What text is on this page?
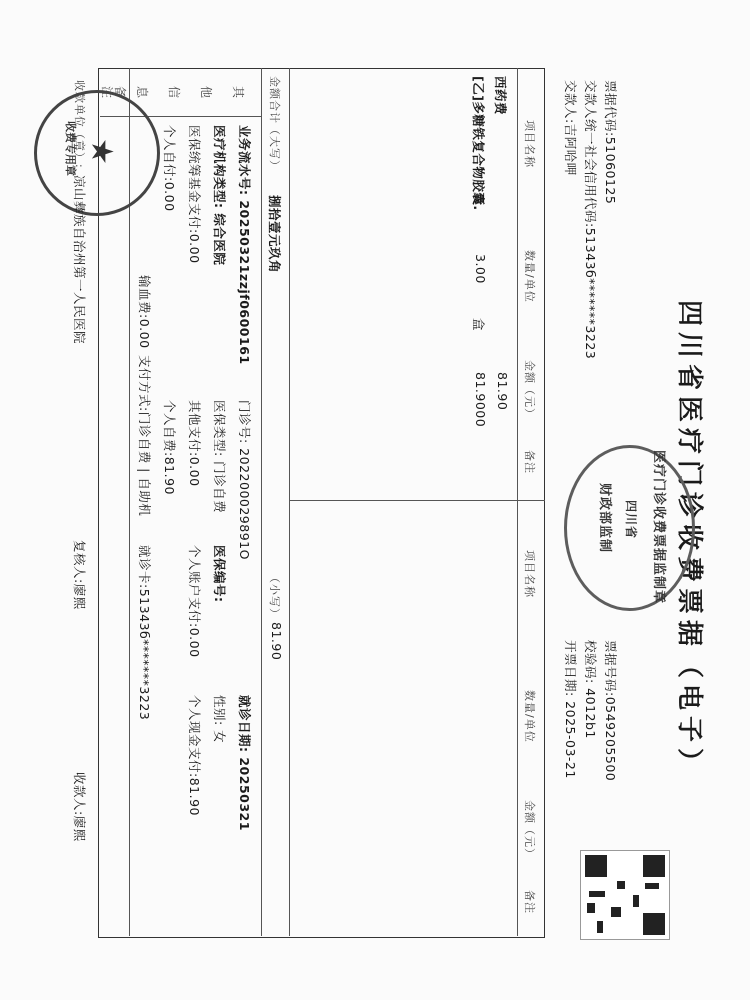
四川省医疗门诊收费票据（电子）
医疗门诊收费票据监制章
四川省
财政部监制
票据代码:51060125
交款人统一社会信用代码:51343б*******3223
交款人:吉阿哈呷
票据号码:0549205500
校验码: 4012b1
开票日期: 2025-03-21
项目名称
数量/单位
金额（元）
备注
项目名称
数量/单位
金额（元）
备注
西药费
81.90
[乙]多糖铁复合物胶囊.
3.00
盒
81.9000
金额合计（大写）
捌拾壹元玖角
（小写）
81.90
其他信息
业务流水号: 20250321zzjf0600161
门诊号: 202200029891O
就诊日期: 20250321
医疗机构类型: 综合医院
医保类型: 门诊自费
医保编号:
性别: 女
医保统筹基金支付:0.00
其他支付:0.00
个人账户支付:0.00
个人现金支付:81.90
个人自付:0.00
个人自费:81.90
输血费:0.00
支付方式:门诊自费 | 自助机
就诊卡:51343б*******3223
备注
★
收费专用章
收款单位（章）:
凉山彝族自治州第一人民医院
复核人:廖熙
收款人:廖熙
